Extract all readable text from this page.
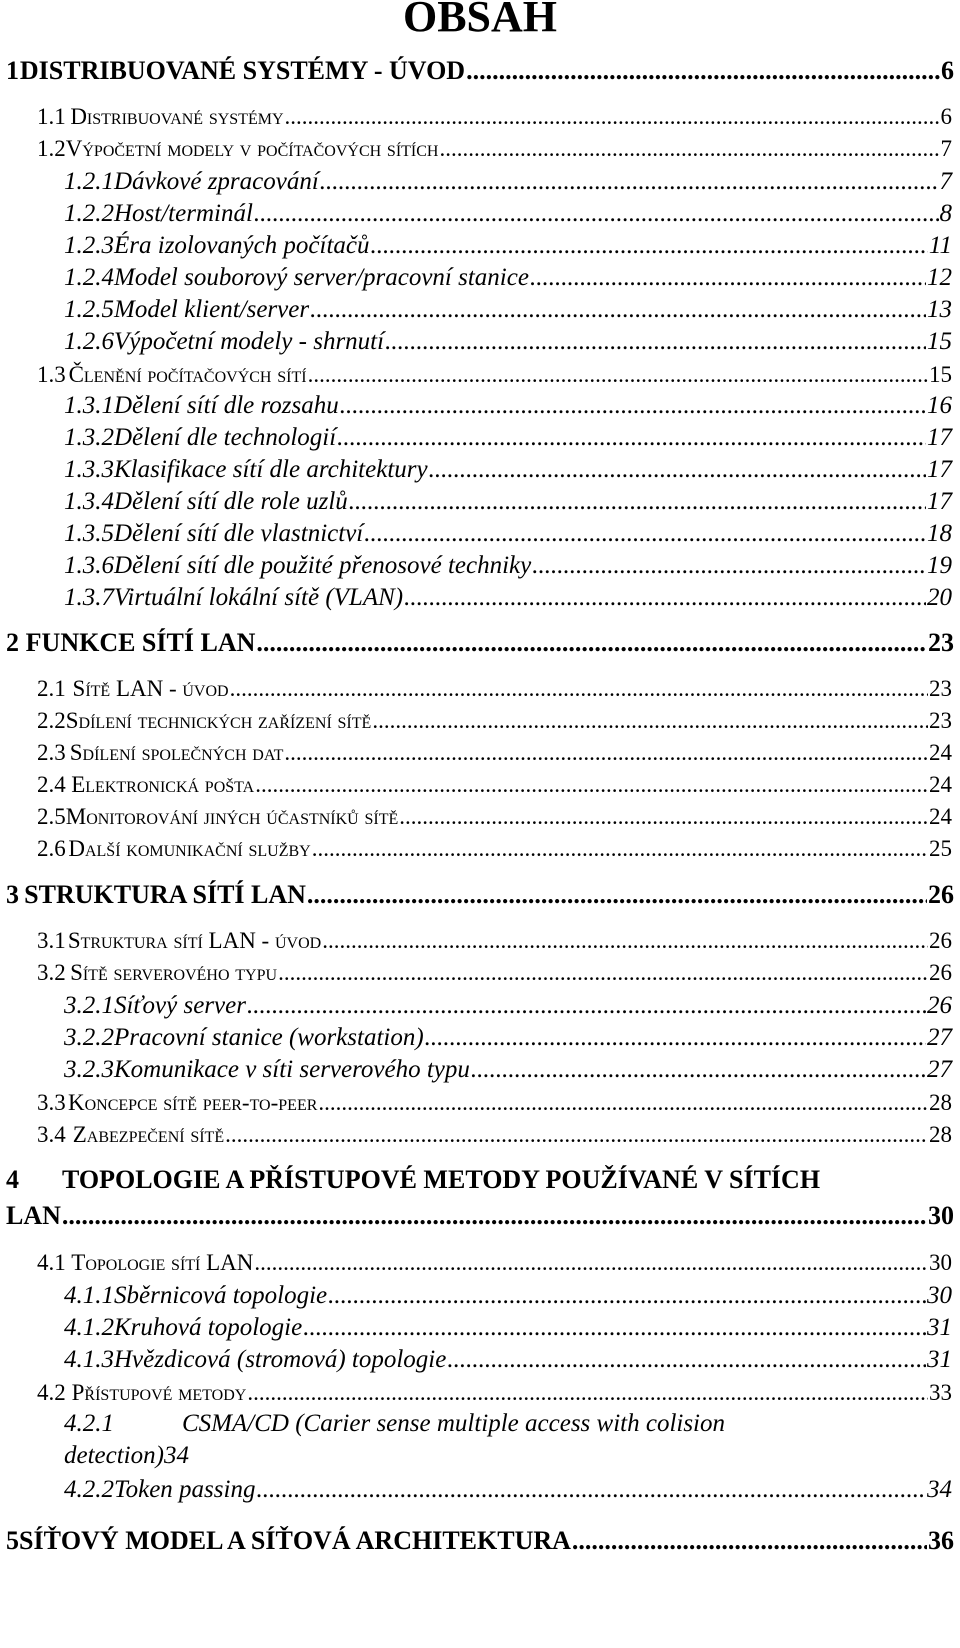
OBSAH
1 DISTRIBUOVANÉ SYSTÉMY - ÚVOD .....	6
1.1 Distribuované systémy .....	6
1.2 Výpočetní modely v počítačových sítích .....	7
1.2.1 Dávkové zpracování .....	7
1.2.2 Host/terminál .....	8
1.2.3 Éra izolovaných počítačů .....	11
1.2.4 Model souborový server/pracovní stanice .....	12
1.2.5 Model klient/server .....	13
1.2.6 Výpočetní modely - shrnutí .....	15
1.3 Členění počítačových sítí .....	15
1.3.1 Dělení sítí dle rozsahu .....	16
1.3.2 Dělení dle technologií .....	17
1.3.3 Klasifikace sítí dle architektury .....	17
1.3.4 Dělení sítí dle role uzlů .....	17
1.3.5 Dělení sítí dle vlastnictví .....	18
1.3.6 Dělení sítí dle použité přenosové techniky .....	19
1.3.7 Virtuální lokální sítě (VLAN) .....	20
2 FUNKCE SÍTÍ LAN .....	23
2.1 Sítě LAN - úvod .....	23
2.2 Sdílení technických zařízení sítě .....	23
2.3 Sdílení společných dat .....	24
2.4 Elektronická pošta .....	24
2.5 Monitorování jiných účastníků sítě .....	24
2.6 Další komunikační služby .....	25
3 STRUKTURA SÍTÍ LAN .....	26
3.1 Struktura sítí LAN - úvod .....	26
3.2 Sítě serverového typu .....	26
3.2.1 Síťový server .....	26
3.2.2 Pracovní stanice (workstation) .....	27
3.2.3 Komunikace v síti serverového typu .....	27
3.3 Koncepce sítě peer-to-peer .....	28
3.4 Zabezpečení sítě .....	28
4 TOPOLOGIE A PŘÍSTUPOVÉ METODY POUŽÍVANÉ V SÍTÍCH
LAN .....	30
4.1 Topologie sítí LAN .....	30
4.1.1 Sběrnicová topologie .....	30
4.1.2 Kruhová topologie .....	31
4.1.3 Hvězdicová (stromová) topologie .....	31
4.2 Přístupové metody .....	33
4.2.1	CSMA/CD (Carier sense multiple access with colision
detection)34
4.2.2 Token passing .....	34
5 SÍŤOVÝ MODEL A SÍŤOVÁ ARCHITEKTURA .....	36
